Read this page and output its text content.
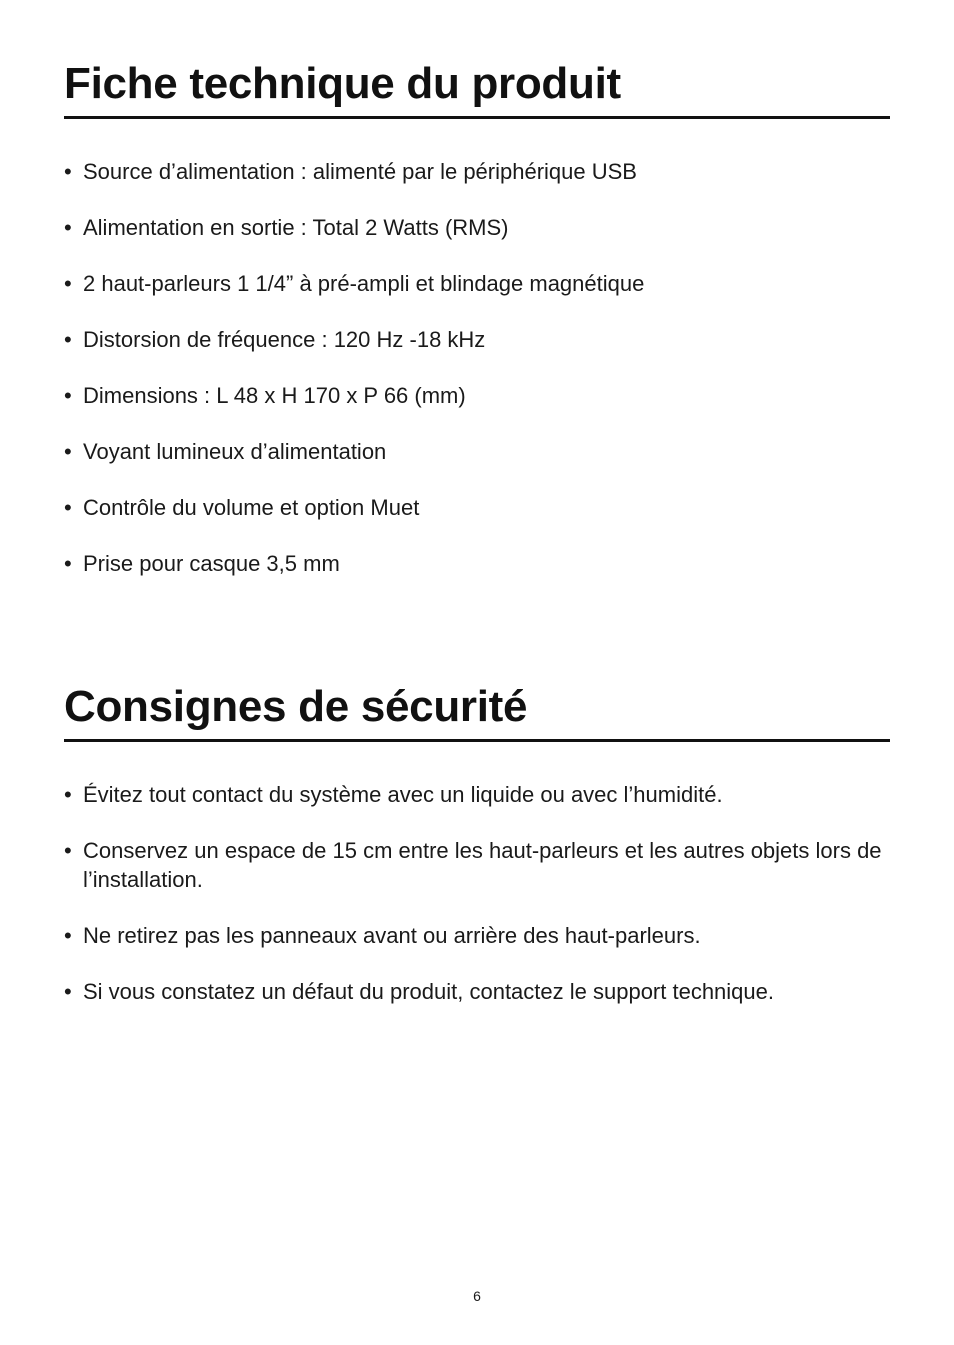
Fiche technique du produit
• Source d’alimentation : alimenté par le périphérique USB
• Alimentation en sortie : Total 2 Watts (RMS)
• 2 haut-parleurs 1 1/4” à pré-ampli et blindage magnétique
• Distorsion de fréquence : 120 Hz -18 kHz
• Dimensions : L 48 x H 170 x P 66 (mm)
• Voyant lumineux d’alimentation
• Contrôle du volume et option Muet
• Prise pour casque 3,5 mm
Consignes de sécurité
• Évitez tout contact du système avec un liquide ou avec l’humidité.
• Conservez un espace de 15 cm entre les haut-parleurs et les autres objets lors de l’installation.
• Ne retirez pas les panneaux avant ou arrière des haut-parleurs.
• Si vous constatez un défaut du produit, contactez le support technique.
6
